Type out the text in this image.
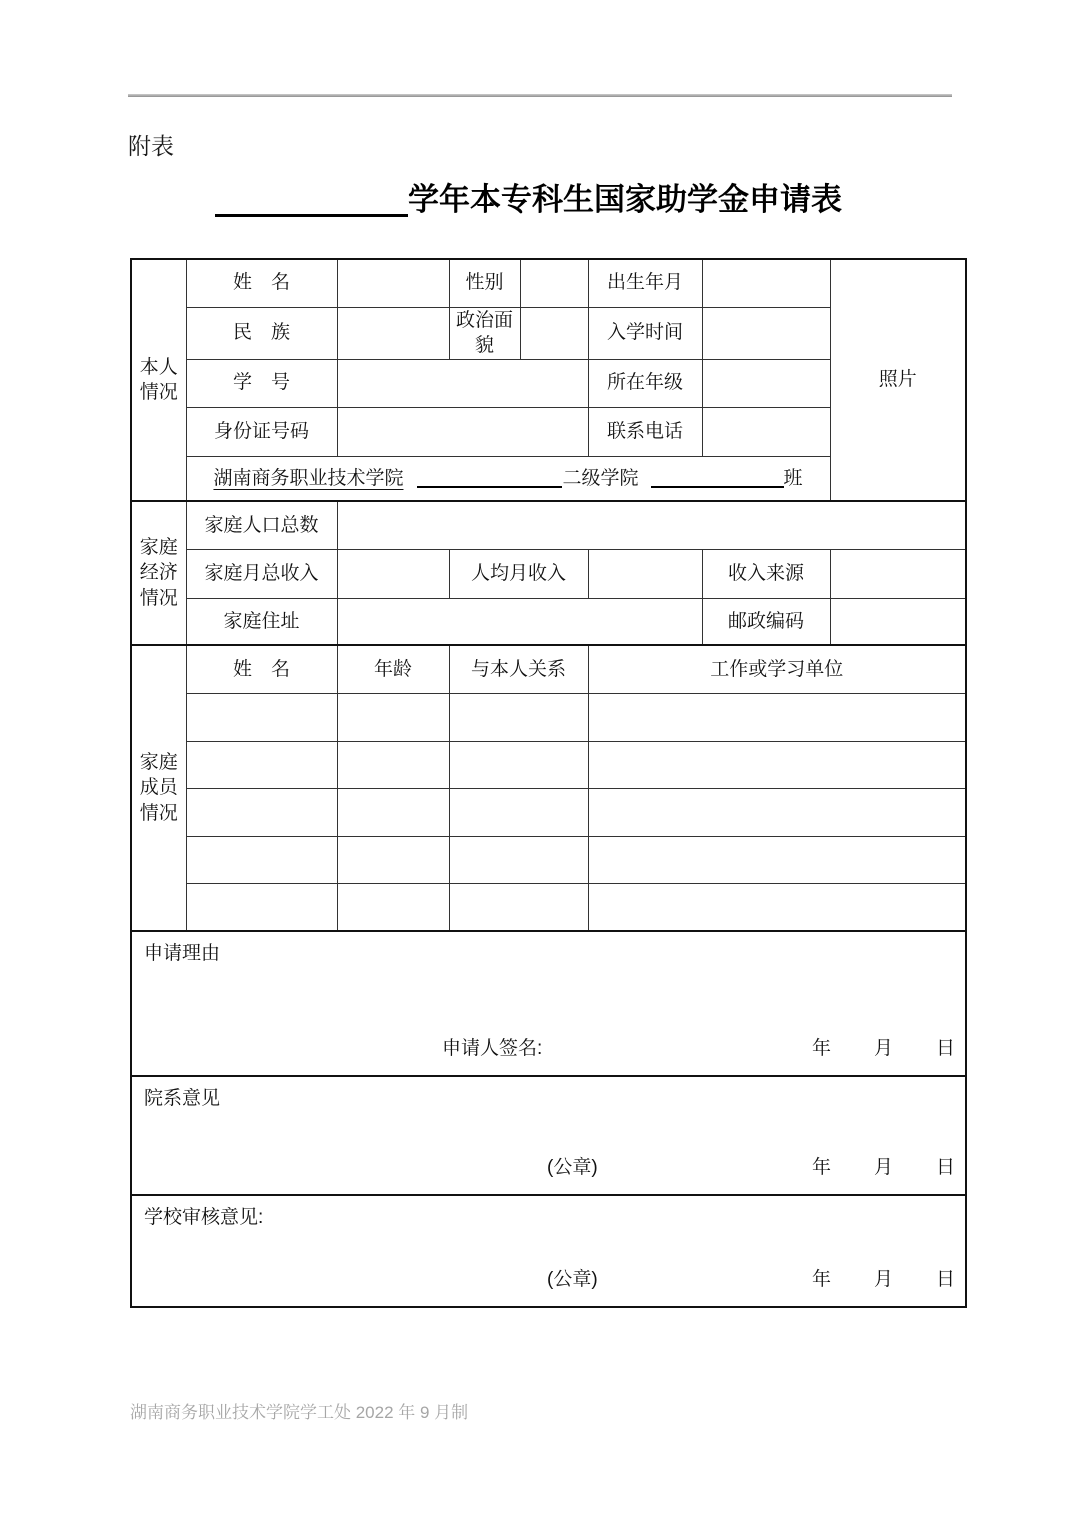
附表
学年本专科生国家助学金申请表
本人情况	姓　名		性别		出生年月		照片
	民　族		政治面貌		入学时间		
	学　号				所在年级		
	身份证号码				联系电话		
	湖南商务职业技术学院 二级学院 班						
家庭经济情况	家庭人口总数						
	家庭月总收入		人均月收入			收入来源	
	家庭住址					邮政编码	
家庭成员情况	姓　名	年龄	与本人关系		工作或学习单位		

申请理由
申请人签名: 年 月 日							

院系意见
(公章) 年 月 日							

学校审核意见:
(公章) 年 月 日							
湖南商务职业技术学院学工处 2022 年 9 月制
